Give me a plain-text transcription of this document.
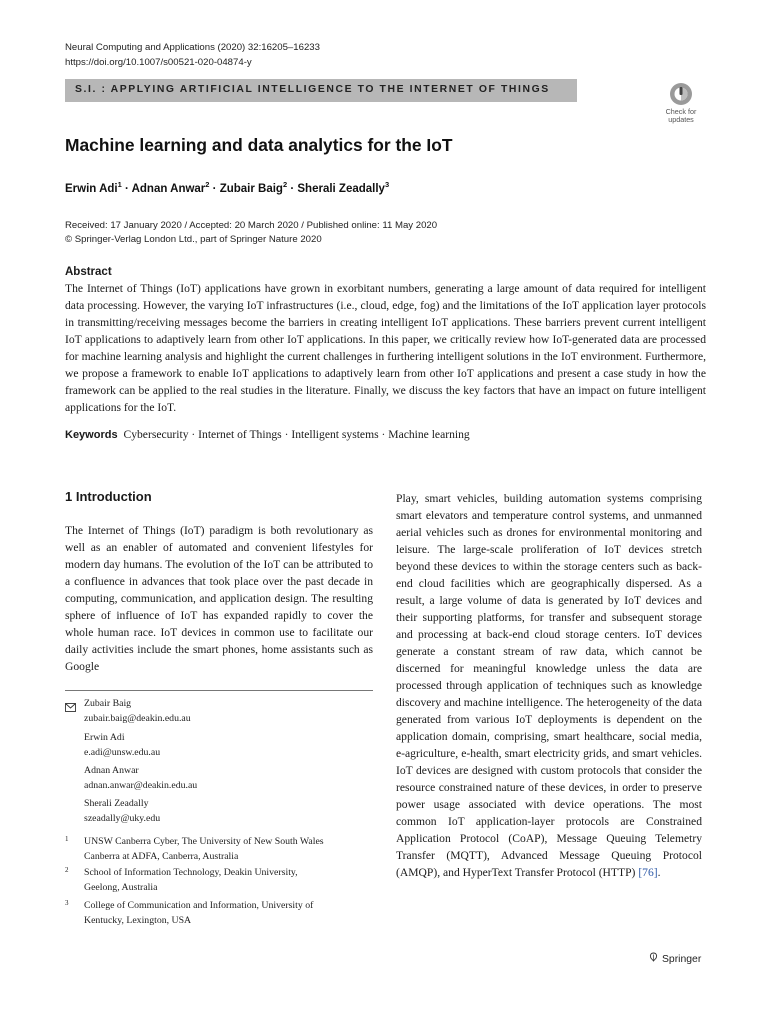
Neural Computing and Applications (2020) 32:16205–16233
https://doi.org/10.1007/s00521-020-04874-y
S.I. : APPLYING ARTIFICIAL INTELLIGENCE TO THE INTERNET OF THINGS
Check for
updates
Machine learning and data analytics for the IoT
Erwin Adi$^1$ · Adnan Anwar$^2$ · Zubair Baig$^2$ · Sherali Zeadally$^3$
Received: 17 January 2020 / Accepted: 20 March 2020 / Published online: 11 May 2020
© Springer-Verlag London Ltd., part of Springer Nature 2020
Abstract
The Internet of Things (IoT) applications have grown in exorbitant numbers, generating a large amount of data required for intelligent data processing. However, the varying IoT infrastructures (i.e., cloud, edge, fog) and the limitations of the IoT application layer protocols in transmitting/receiving messages become the barriers in creating intelligent IoT applications. These barriers prevent current intelligent IoT applications to adaptively learn from other IoT applications. In this paper, we critically review how IoT-generated data are processed for machine learning analysis and highlight the current challenges in furthering intelligent solutions in the IoT environment. Furthermore, we propose a framework to enable IoT applications to adaptively learn from other IoT applications and present a case study in how the framework can be applied to the real studies in the literature. Finally, we discuss the key factors that have an impact on future intelligent applications for the IoT.
Keywords Cybersecurity · Internet of Things · Intelligent systems · Machine learning
1 Introduction
The Internet of Things (IoT) paradigm is both revolutionary as well as an enabler of automated and convenient lifestyles for modern day humans. The evolution of the IoT can be attributed to a confluence in advances that took place over the past decade in computing, communication, and application design. The resulting sphere of influence of IoT has expanded rapidly to cover the whole human race. IoT devices in common use to facilitate our daily activities include the smart phones, home assistants such as Google
Zubair Baig
zubair.baig@deakin.edu.au
Erwin Adi
e.adi@unsw.edu.au
Adnan Anwar
adnan.anwar@deakin.edu.au
Sherali Zeadally
szeadally@uky.edu
1 UNSW Canberra Cyber, The University of New South Wales
Canberra at ADFA, Canberra, Australia
2 School of Information Technology, Deakin University,
Geelong, Australia
3 College of Communication and Information, University of
Kentucky, Lexington, USA
Play, smart vehicles, building automation systems comprising smart elevators and temperature control systems, and unmanned aerial vehicles such as drones for environmental monitoring and leisure. The large-scale proliferation of IoT devices stretch beyond these devices to within the storage centers such as back-end cloud facilities which are geographically dispersed. As a result, a large volume of data is generated by IoT devices and their supporting platforms, for transfer and subsequent storage and processing at back-end cloud storage centers. IoT devices generate a constant stream of raw data, which cannot be discerned for meaningful knowledge unless the data are processed through application of techniques such as knowledge discovery and machine intelligence. The heterogeneity of the data generated from various IoT deployments is dependent on the application domain, comprising, smart healthcare, social media, e-agriculture, e-health, smart electricity grids, and smart vehicles. IoT devices are designed with custom protocols that consider the resource constrained nature of these devices, in order to preserve power usage associated with device operations. The most common IoT application-layer protocols are Constrained Application Protocol (CoAP), Message Queuing Telemetry Transfer (MQTT), Advanced Message Queuing Protocol (AMQP), and HyperText Transfer Protocol (HTTP) [76].
Springer
